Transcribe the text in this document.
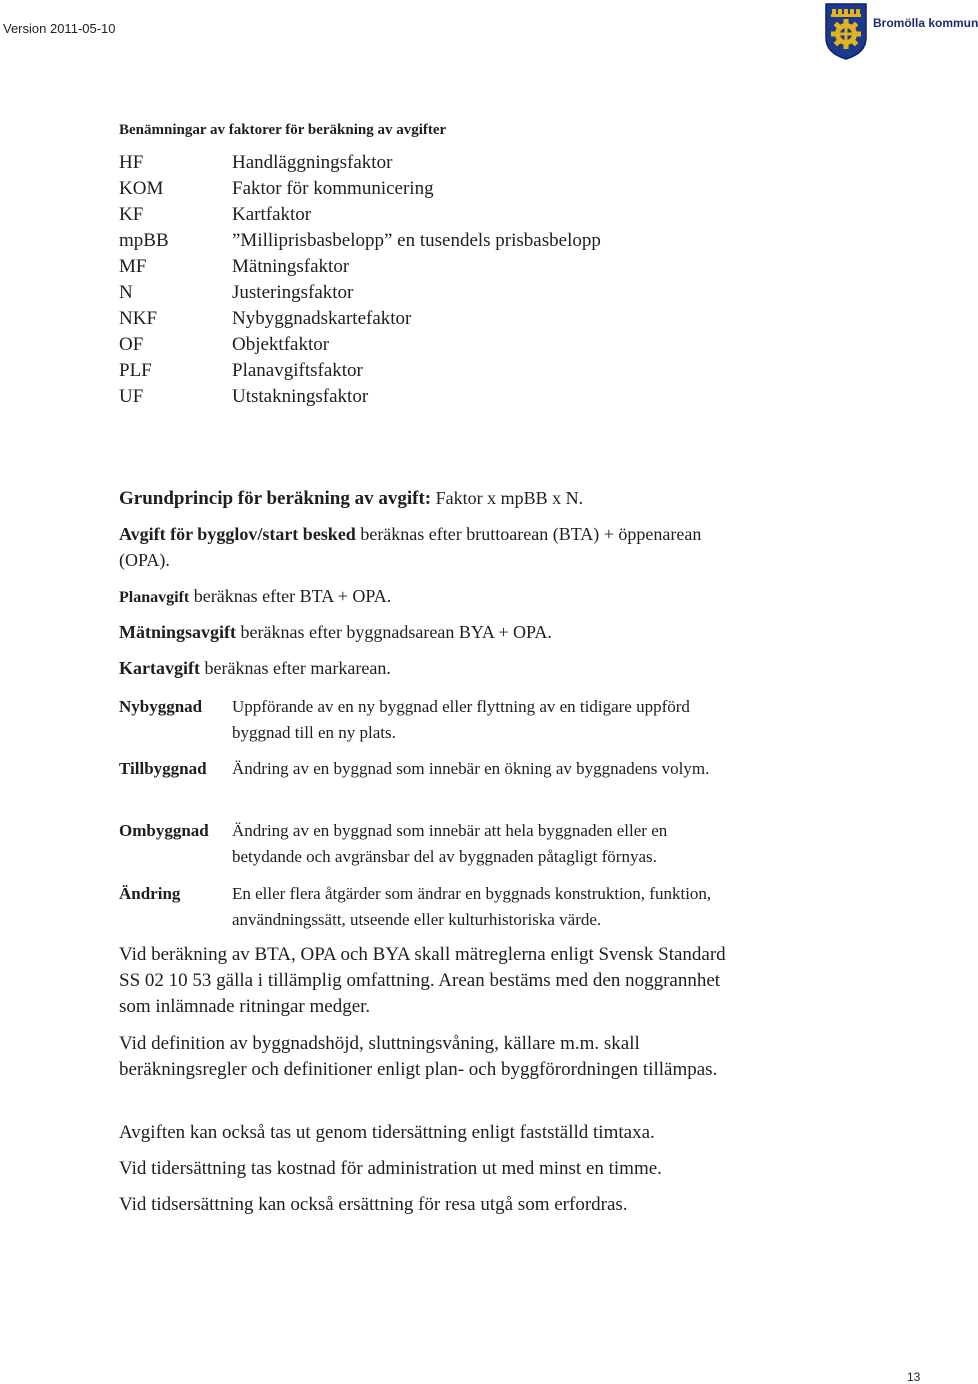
Version 2011-05-10	Bromölla kommun
Benämningar av faktorer för beräkning av avgifter
HF	Handläggningsfaktor
KOM	Faktor för kommunicering
KF	Kartfaktor
mpBB	”Milliprisbasbelopp” en tusendels prisbasbelopp
MF	Mätningsfaktor
N	Justeringsfaktor
NKF	Nybyggnadskartefaktor
OF	Objektfaktor
PLF	Planavgiftsfaktor
UF	Utstakningsfaktor

Grundprincip för beräkning av avgift: Faktor x mpBB x N.

Avgift för bygglov/start besked beräknas efter bruttoarean (BTA) + öppenarean (OPA).

Planavgift beräknas efter BTA + OPA.

Mätningsavgift beräknas efter byggnadsarean BYA + OPA.

Kartavgift beräknas efter markarean.

Nybyggnad Uppförande av en ny byggnad eller flyttning av en tidigare uppförd byggnad till en ny plats.
Tillbyggnad Ändring av en byggnad som innebär en ökning av byggnadens volym.
Ombyggnad Ändring av en byggnad som innebär att hela byggnaden eller en betydande och avgränsbar del av byggnaden påtagligt förnyas.
Ändring	En eller flera åtgärder som ändrar en byggnads konstruktion, funktion, användningssätt, utseende eller kulturhistoriska värde.

Vid beräkning av BTA, OPA och BYA skall mätreglerna enligt Svensk Standard SS 02 10 53 gälla i tillämplig omfattning. Arean bestäms med den noggrannhet som inlämnade ritningar medger.

Vid definition av byggnadshöjd, sluttningsvåning, källare m.m. skall beräkningsregler och definitioner enligt plan- och byggförordningen tillämpas.

Avgiften kan också tas ut genom tidersättning enligt fastställd timtaxa.

Vid tidersättning tas kostnad för administration ut med minst en timme.

Vid tidsersättning kan också ersättning för resa utgå som erfordras.

13
